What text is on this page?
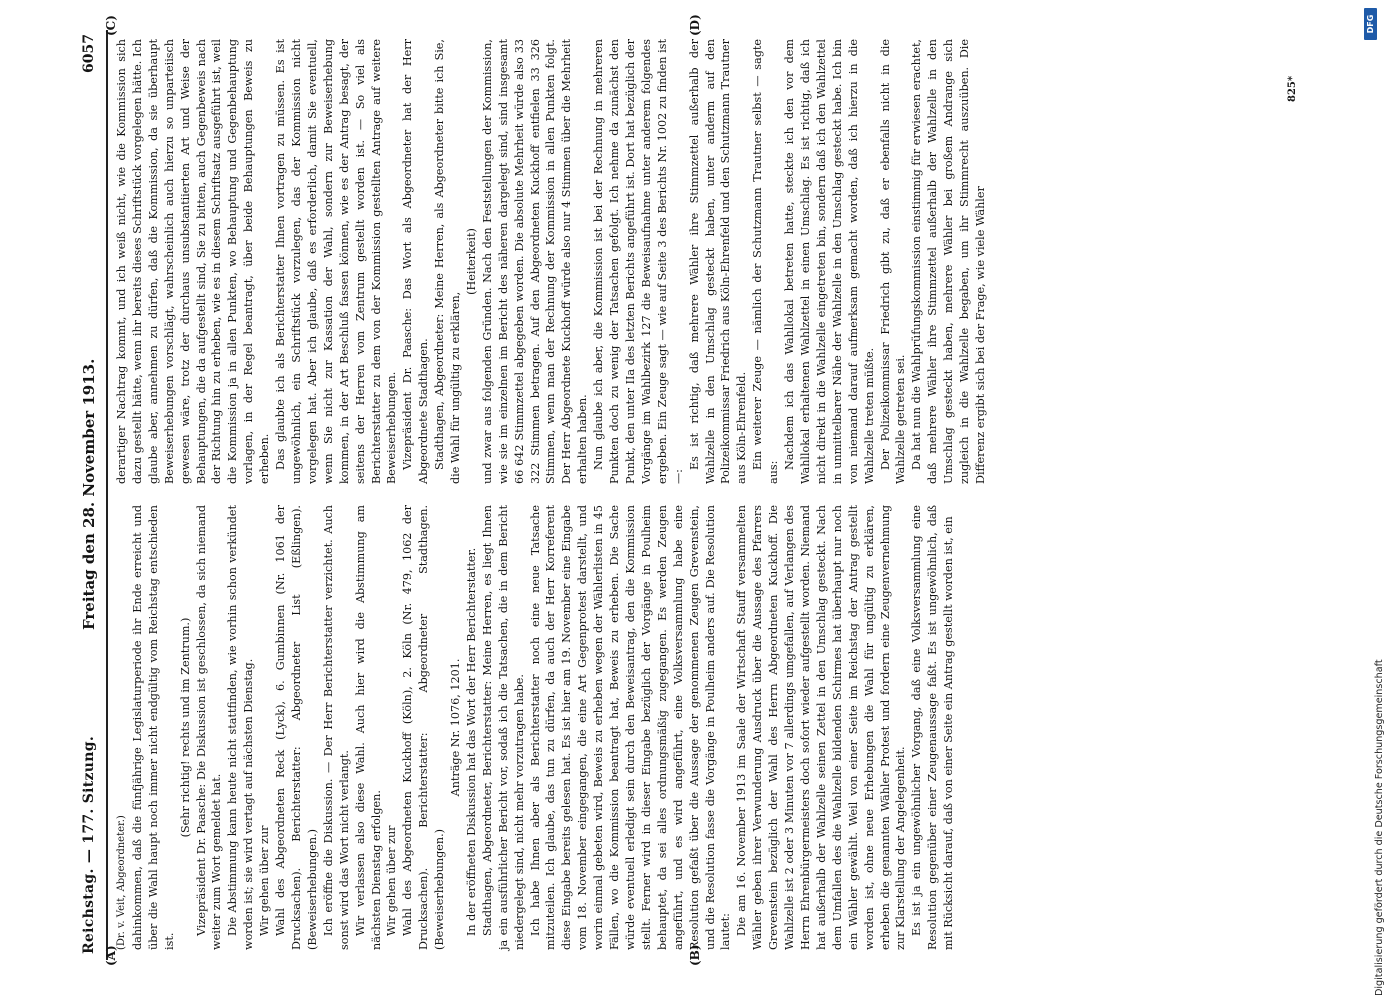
Reichstag. — 177. Sitzung.
Freitag den 28. November 1913.
6057
(A)	(B)
(C)	(D)

(Dr. v. Veit, Abgeordneter.) dahinkommen, daß die fünfjährige Legislaturperiode ihr Ende erreicht und über die Wahl haupt noch immer nicht endgültig vom Reichstag entschieden ist.

(Sehr richtig! rechts und im Zentrum.) Vizepräsident Dr. Paasche: Die Diskussion ist geschlossen, da sich niemand weiter zum Wort gemeldet hat. Die Abstimmung kann heute nicht stattfinden, wie vorhin schon verkündet worden ist; sie wird vertagt auf nächsten Dienstag. Wir gehen über zur Wahl des Abgeordneten Reck (Lyck), 6. Gumbinnen (Nr. 1061 der Drucksachen). Berichterstatter: Abgeordneter List (Eßlingen). (Beweiserhebungen.) Ich eröffne die Diskussion. — Der Herr Berichterstatter verzichtet. Auch sonst wird das Wort nicht verlangt. Wir verlassen also diese Wahl. Auch hier wird die Abstimmung am nächsten Dienstag erfolgen. Wir gehen über zur Wahl des Abgeordneten Kuckhoff (Köln), 2. Köln (Nr. 479, 1062 der Drucksachen). Berichterstatter: Abgeordneter Stadthagen. (Beweiserhebungen.)

Anträge Nr. 1076, 1201. In der eröffneten Diskussion hat das Wort der Herr Berichterstatter. Stadthagen, Abgeordneter, Berichterstatter: Meine Herren, es liegt Ihnen ja ein ausführlicher Bericht vor, sodaß ich die Tatsachen, die in dem Bericht niedergelegt sind, nicht mehr vorzutragen habe. Ich habe Ihnen aber als Berichterstatter noch eine neue Tatsache mitzuteilen. Ich glaube, das tun zu dürfen, da auch der Herr Korreferent diese Eingabe bereits gelesen hat. Es ist hier am 19. November eine Eingabe vom 18. November eingegangen, die eine Art Gegenprotest darstellt, und worin einmal gebeten wird, Beweis zu erheben wegen der Wählerlisten in 45 Fällen, wo die Kommission beantragt hat, Beweis zu erheben. Die Sache würde eventuell erledigt sein durch den Beweisantrag, den die Kommission stellt. Ferner wird in dieser Eingabe bezüglich der Vorgänge in Poulheim behauptet, da sei alles ordnungsmäßig zugegangen. Es werden Zeugen angeführt, und es wird angeführt, eine Volksversammlung habe eine Resolution gefaßt über die Aussage der genommenen Zeugen Grevenstein, und die Resolution fasse die Vorgänge in Poulheim anders auf. Die Resolution lautet: Die am 16. November 1913 im Saale der Wirtschaft Stauff versammelten Wähler geben ihrer Verwunderung Ausdruck über die Aussage des Pfarrers Grevenstein bezüglich der Wahl des Herrn Abgeordneten Kuckhoff. Die Wahlzelle ist 2 oder 3 Minuten vor 7 allerdings umgefallen, auf Verlangen des Herrn Ehrenbürgermeisters doch sofort wieder aufgestellt worden. Niemand hat außerhalb der Wahlzelle seinen Zettel in den Umschlag gesteckt. Nach dem Umfallen des die Wahlzelle bildenden Schirmes hat überhaupt nur noch ein Wähler gewählt. Weil von einer Seite im Reichstag der Antrag gestellt worden ist, ohne neue Erhebungen die Wahl für ungültig zu erklären, erheben die genannten Wähler Protest und fordern eine Zeugenvernehmung zur Klarstellung der Angelegenheit. Es ist ja ein ungewöhnlicher Vorgang, daß eine Volksversammlung eine Resolution gegenüber einer Zeugenaussage faßt. Es ist ungewöhnlich, daß mit Rücksicht darauf, daß von einer Seite ein Antrag gestellt worden ist, ein

derartiger Nachtrag kommt, und ich weiß nicht, wie die Kommission sich dazu gestellt hätte, wenn ihr bereits dieses Schriftstück vorgelegen hätte. Ich glaube aber, annehmen zu dürfen, daß die Kommission, da sie überhaupt Beweiserhebungen vorschlägt, wahrscheinlich auch hierzu so unparteiisch gewesen wäre, trotz der durchaus unsubstantiierten Art und Weise der Behauptungen, die da aufgestellt sind, Sie zu bitten, auch Gegenbeweis nach der Richtung hin zu erheben, wie es in diesem Schriftsatz ausgeführt ist, weil die Kommission ja in allen Punkten, wo Behauptung und Gegenbehauptung vorlagen, in der Regel beantragt, über beide Behauptungen Beweis zu erheben. Das glaubte ich als Berichterstatter Ihnen vortragen zu müssen. Es ist ungewöhnlich, ein Schriftstück vorzulegen, das der Kommission nicht vorgelegen hat. Aber ich glaube, daß es erforderlich, damit Sie eventuell, wenn Sie nicht zur Kassation der Wahl, sondern zur Beweiserhebung kommen, in der Art Beschluß fassen können, wie es der Antrag besagt, der seitens der Herren vom Zentrum gestellt worden ist. — So viel als Berichterstatter zu dem von der Kommission gestellten Antrage auf weitere Beweiserhebungen. Vizepräsident Dr. Paasche: Das Wort als Abgeordneter hat der Herr Abgeordnete Stadthagen. Stadthagen, Abgeordneter: Meine Herren, als Abgeordneter bitte ich Sie, die Wahl für ungültig zu erklären,

(Heiterkeit) und zwar aus folgenden Gründen. Nach den Feststellungen der Kommission, wie sie im einzelnen im Bericht des näheren dargelegt sind, sind insgesamt 66 642 Stimmzettel abgegeben worden. Die absolute Mehrheit würde also 33 322 Stimmen betragen. Auf den Abgeordneten Kuckhoff entfielen 33 326 Stimmen, wenn man der Rechnung der Kommission in allen Punkten folgt. Der Herr Abgeordnete Kuckhoff würde also nur 4 Stimmen über die Mehrheit erhalten haben. Nun glaube ich aber, die Kommission ist bei der Rechnung in mehreren Punkten doch zu wenig der Tatsachen gefolgt. Ich nehme da zunächst den Punkt, den unter IIa des letzten Berichts angeführt ist. Dort hat bezüglich der Vorgänge im Wahlbezirk 127 die Beweisaufnahme unter anderem folgendes ergeben. Ein Zeuge sagt — wie auf Seite 3 des Berichts Nr. 1002 zu finden ist —:

Es ist richtig, daß mehrere Wähler ihre Stimmzettel außerhalb der Wahlzelle in den Umschlag gesteckt haben, unter anderm auf den Polizeikommissar Friedrich aus Köln-Ehrenfeld und den Schutzmann Trautner aus Köln-Ehrenfeld. Ein weiterer Zeuge — nämlich der Schutzmann Trautner selbst — sagte aus:

Nachdem ich das Wahllokal betreten hatte, steckte ich den vor dem Wahllokal erhaltenen Wahlzettel in einen Umschlag. Es ist richtig, daß ich nicht direkt in die Wahlzelle eingetreten bin, sondern daß ich den Wahlzettel in unmittelbarer Nähe der Wahlzelle in den Umschlag gesteckt habe. Ich bin von niemand darauf aufmerksam gemacht worden, daß ich hierzu in die Wahlzelle treten müßte. Der Polizeikommissar Friedrich gibt zu, daß er ebenfalls nicht in die Wahlzelle getreten sei. Da hat nun die Wahlprüfungskommission einstimmig für erwiesen erachtet, daß mehrere Wähler ihre Stimmzettel außerhalb der Wahlzelle in den Umschlag gesteckt haben, mehrere Wähler bei großem Andrange sich zugleich in die Wahlzelle begaben, um ihr Stimmrecht auszuüben. Die Differenz ergibt sich bei der Frage, wie viele Wähler

825*
Digitalisierung gefördert durch die Deutsche Forschungsgemeinschaft
DFG
